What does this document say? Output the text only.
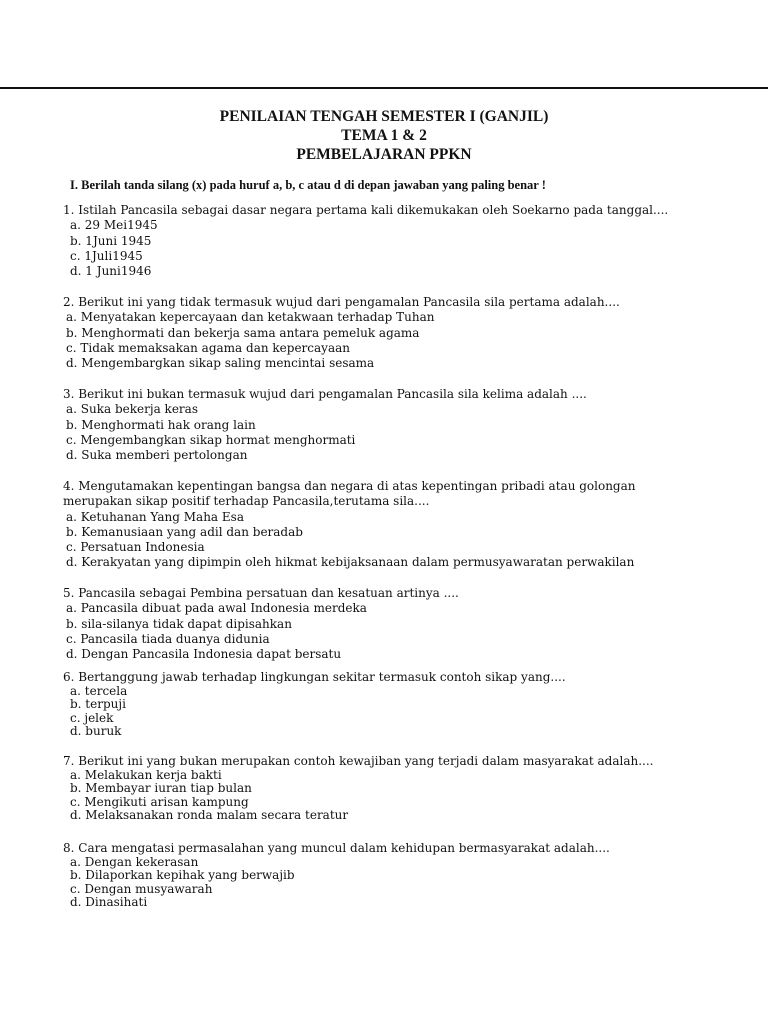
PENILAIAN TENGAH SEMESTER I (GANJIL)
TEMA 1 & 2
PEMBELAJARAN PPKN
I. Berilah tanda silang (x) pada huruf a, b, c atau d di depan jawaban yang paling benar !
1. Istilah Pancasila sebagai dasar negara pertama kali dikemukakan oleh Soekarno pada tanggal....
a. 29 Mei1945
b. 1Juni 1945
c. 1Juli1945
d. 1 Juni1946
2. Berikut ini yang tidak termasuk wujud dari pengamalan Pancasila sila pertama adalah....
a. Menyatakan kepercayaan dan ketakwaan terhadap Tuhan
b. Menghormati dan bekerja sama antara pemeluk agama
c. Tidak memaksakan agama dan kepercayaan
d. Mengembargkan sikap saling mencintai sesama
3. Berikut ini bukan termasuk wujud dari pengamalan Pancasila sila kelima adalah ....
a. Suka bekerja keras
b. Menghormati hak orang lain
c. Mengembangkan sikap hormat menghormati
d. Suka memberi pertolongan
4. Mengutamakan kepentingan bangsa dan negara di atas kepentingan pribadi atau golongan
merupakan sikap positif terhadap Pancasila,terutama sila....
a. Ketuhanan Yang Maha Esa
b. Kemanusiaan yang adil dan beradab
c. Persatuan Indonesia
d. Kerakyatan yang dipimpin oleh hikmat kebijaksanaan dalam permusyawaratan perwakilan
5. Pancasila sebagai Pembina persatuan dan kesatuan artinya ....
a. Pancasila dibuat pada awal Indonesia merdeka
b. sila-silanya tidak dapat dipisahkan
c. Pancasila tiada duanya didunia
d. Dengan Pancasila Indonesia dapat bersatu
6. Bertanggung jawab terhadap lingkungan sekitar termasuk contoh sikap yang....
a. tercela
b. terpuji
c. jelek
d. buruk
7. Berikut ini yang bukan merupakan contoh kewajiban yang terjadi dalam masyarakat adalah....
a. Melakukan kerja bakti
b. Membayar iuran tiap bulan
c. Mengikuti arisan kampung
d. Melaksanakan ronda malam secara teratur
8. Cara mengatasi permasalahan yang muncul dalam kehidupan bermasyarakat adalah....
a. Dengan kekerasan
b. Dilaporkan kepihak yang berwajib
c. Dengan musyawarah
d. Dinasihati
